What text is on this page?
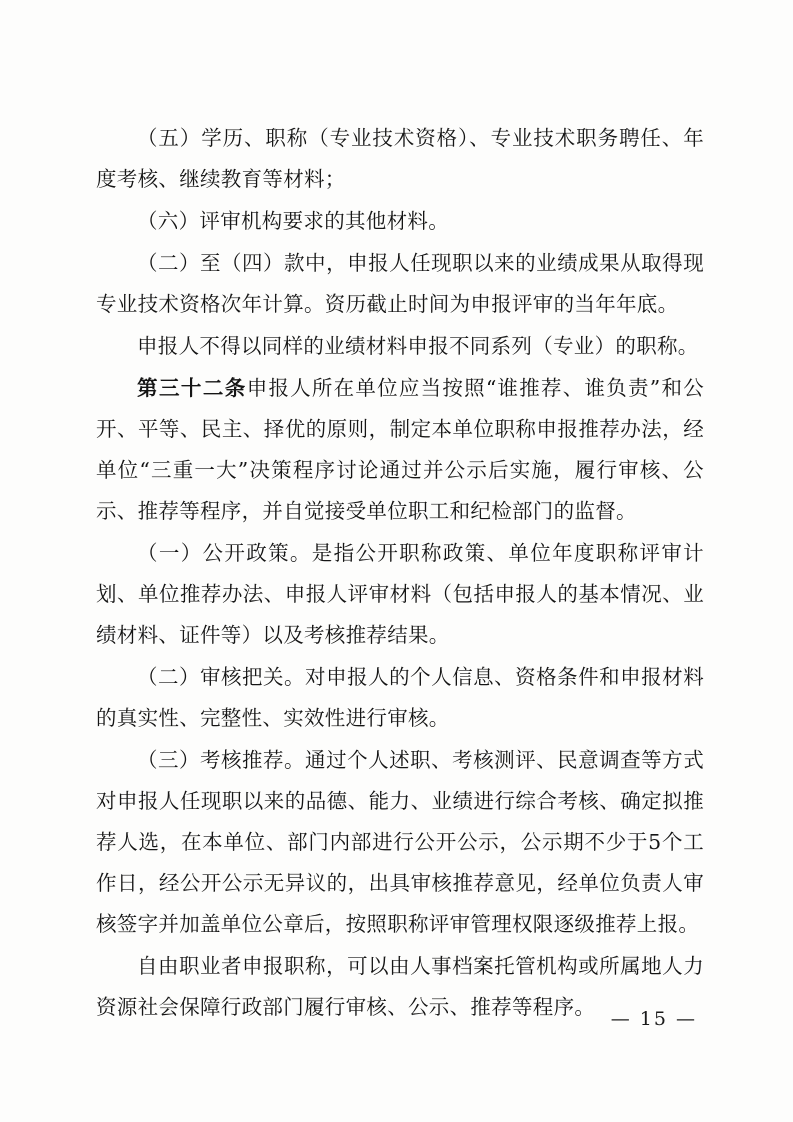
（五）学历、职称（专业技术资格）、专业技术职务聘任、年度考核、继续教育等材料；

（六）评审机构要求的其他材料。

（二）至（四）款中，申报人任现职以来的业绩成果从取得现专业技术资格次年计算。资历截止时间为申报评审的当年年底。

申报人不得以同样的业绩材料申报不同系列（专业）的职称。

第三十二条申报人所在单位应当按照“谁推荐、谁负责”和公开、平等、民主、择优的原则，制定本单位职称申报推荐办法，经单位“三重一大”决策程序讨论通过并公示后实施，履行审核、公示、推荐等程序，并自觉接受单位职工和纪检部门的监督。

（一）公开政策。是指公开职称政策、单位年度职称评审计划、单位推荐办法、申报人评审材料（包括申报人的基本情况、业绩材料、证件等）以及考核推荐结果。

（二）审核把关。对申报人的个人信息、资格条件和申报材料的真实性、完整性、实效性进行审核。

（三）考核推荐。通过个人述职、考核测评、民意调查等方式对申报人任现职以来的品德、能力、业绩进行综合考核、确定拟推荐人选，在本单位、部门内部进行公开公示，公示期不少于5个工作日，经公开公示无异议的，出具审核推荐意见，经单位负责人审核签字并加盖单位公章后，按照职称评审管理权限逐级推荐上报。

自由职业者申报职称，可以由人事档案托管机构或所属地人力资源社会保障行政部门履行审核、公示、推荐等程序。 — 15 —
